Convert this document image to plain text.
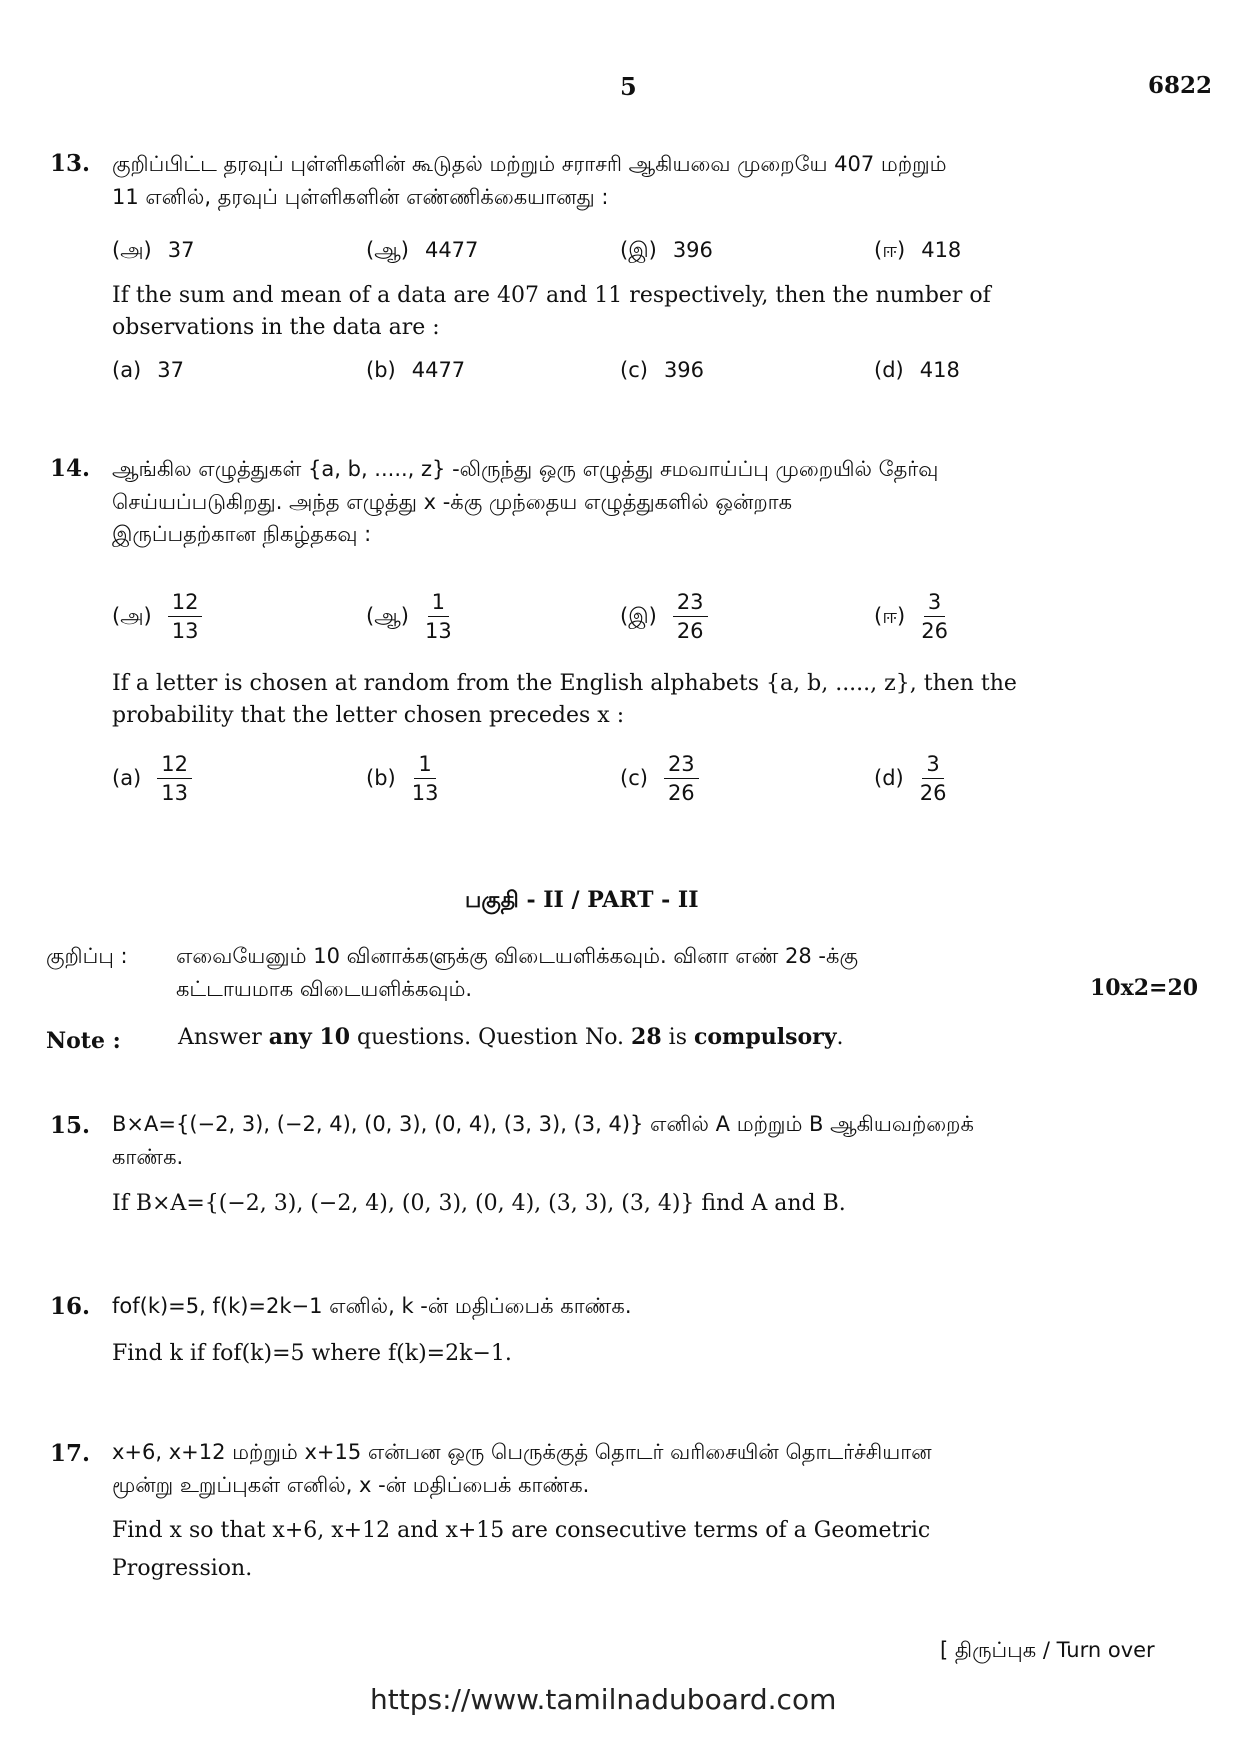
5	6822
13. குறிப்பிட்ட தரவுப் புள்ளிகளின் கூடுதல் மற்றும் சராசரி ஆகியவை முறையே 407 மற்றும்
11 எனில், தரவுப் புள்ளிகளின் எண்ணிக்கையானது :
(அ) 37	(ஆ) 4477	(இ) 396	(ஈ) 418
If the sum and mean of a data are 407 and 11 respectively, then the number of
observations in the data are :
(a) 37	(b) 4477	(c) 396	(d) 418
14. ஆங்கில எழுத்துகள் {a, b, ....., z} -லிருந்து ஒரு எழுத்து சமவாய்ப்பு முறையில் தேர்வு
செய்யப்படுகிறது. அந்த எழுத்து x -க்கு முந்தைய எழுத்துகளில் ஒன்றாக
இருப்பதற்கான நிகழ்தகவு :
(அ) $\frac{12}{13}$	(ஆ) $\frac{1}{13}$	(இ) $\frac{23}{26}$	(ஈ) $\frac{3}{26}$
If a letter is chosen at random from the English alphabets {a, b, ....., z}, then the
probability that the letter chosen precedes x :
$(a) \frac{12}{13}$	$(b) \frac{1}{13}$	$(c) \frac{23}{26}$	$(d) \frac{3}{26}$
பகுதி - II / PART - II
குறிப்பு : எவையேனும் 10 வினாக்களுக்கு விடையளிக்கவும். வினா எண் 28 -க்கு
கட்டாயமாக விடையளிக்கவும்.	10x2=20
Note :	Answer any 10 questions. Question No. 28 is compulsory.
15. B×A={(−2, 3), (−2, 4), (0, 3), (0, 4), (3, 3), (3, 4)} எனில் A மற்றும் B ஆகியவற்றைக்
காண்க.
If B×A={(−2, 3), (−2, 4), (0, 3), (0, 4), (3, 3), (3, 4)} find A and B.
16. fof(k)=5, f(k)=2k−1 எனில், k -ன் மதிப்பைக் காண்க.
Find k if fof(k)=5 where f(k)=2k−1.
17. x+6, x+12 மற்றும் x+15 என்பன ஒரு பெருக்குத் தொடர் வரிசையின் தொடர்ச்சியான
மூன்று உறுப்புகள் எனில், x -ன் மதிப்பைக் காண்க.
Find x so that x+6, x+12 and x+15 are consecutive terms of a Geometric
Progression.
[ திருப்புக / Turn over
https://www.tamilnaduboard.com
